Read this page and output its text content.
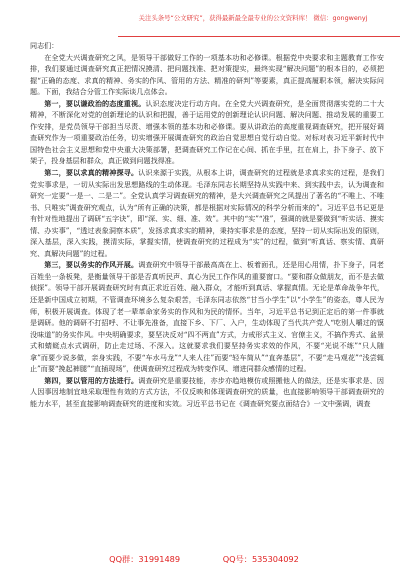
关注头条号“公文研究”，获得最新最全最专业的公文资料库！ 微信：gongwenyj

同志们：

在全党大兴调查研究之风，是领导干部做好工作的一项基本功和必修课。根据党中央要求和主题教育工作安排，我们要通过调查研究真正把情况摸清、把问题找准、把对策提实，最终实现“解决问题”的根本目的，必须把握“正确的态度、求真的精神、务实的作风、管用的方法、精准的研判”等要素，真正提高履职本领，解决实际问题。下面，我结合分管工作实际谈几点体会。

第一，要以谦政治的态度重视。认识态度决定行动方向。在全党大兴调查研究，是全面贯彻落实党的二十大精神，不断深化对党的创新理论的认识和把握，善于运用党的创新理论认识问题、解决问题、推动发展的重要工作安排，是党员领导干部担当尽责、增强本领的基本功和必修课。要从讲政治的高度重视调查研究，把开展好调查研究作为一项重要政治任务，切实增强开展调查研究的政治自觉思想自觉行动自觉。对标对表习近平新时代中国特色社会主义思想和党中央重大决策部署，把调查研究工作记在心间、抓在手里，扛在肩上，扑下身子、放下架子，投身基层和群众，真正做到问题找得准。

第二，要以求真的精神探寻。认识来源于实践，从根本上讲，调查研究的过程就是求真求实的过程，是我们党实事求是，一切从实际出发思想路线的生动体现。毛泽东同志长期坚持从实践中来、到实践中去，认为调查和研究一定要“一是一、二是二”。全党认真学习调查研究的精神，是大兴调查研究之风提出了著名的“不唯上、不唯书、只唯实”调查研究观点，认为“所有正确的决策，都是根据对实际情况的科学分析而来的”。习近平总书记更是有针对性地提出了调研“五字诀”，即“深、实、细、准、效”。其中的“实”“准”，强调的就是要做到“听实话、摸实情、办实事”，“透过表象洞察本质”，发扬求真求实的精神，秉持实事求是的态度，坚持一切从实际出发的原则，深入基层，深入实践，摸清实际，掌握实情，使调查研究的过程成为“实”的过程，做到“听真话、察实情、真研究、真解决问题”的过程。

第三，要以务实的作风开展。调查研究中领导干部最高高在上、板着面孔，还是用心用情，扑下身子，同老百姓坐一条板凳，是衡量领导干部是否真听民声、真心为民工作作风的重要窗口。“要和群众做朋友，而不是去做侦探”。领导干部开展调查研究时有真正求近百姓、融入群众，才能听到真话、掌握真情。无论是革命战争年代，还是新中国成立初期，不管调查环境多么复杂艰苦，毛泽东同志依然“甘当小学生”以“小学生”的姿态，尊人民为师，积极开展调查。体现了老一辈革命家务实的作风和为民的情怀。当年，习近平总书记到正定后的第一件事就是调研。他的调研不打招呼、不让事先准备，直接下乡、下厂、入户，生动体现了当代共产党人“吃别人嚼过的馍没味道”的务实作风。中央明确要求，要坚决反对“四不两直”方式，力戒形式主义、官僚主义，不搞作秀式、盆景式和蜻蜓点水式调研，防止走过场、不深入。这就要求我们要坚持务实求效的作风，不要“光说不练”“只人随拿”而要少说多做，亲身实践，不要“车水马龙”“人来人往”而要“轻车简从”“直奔基层”，不要“走马观花”“浅尝辄止”而要“挽起裤腿”“直插现场”，使调查研究过程成为转变作风、增进同群众感情的过程。

第四，要以管用的方法进行。调查研究是重要技能，亦步亦趋地模仿或照搬他人的做法，还是实事求是、因人因事因地制宜地采取理性有效的方式方法，不仅反映和体现调查研究的质量，也直接影响领导干部调查研究的能力水平，甚至直接影响调查研究的进度和实效。习近平总书记在《调查研究要点面结合》一文中强调，调查

QQ群：31991489	QQ号：535304092
